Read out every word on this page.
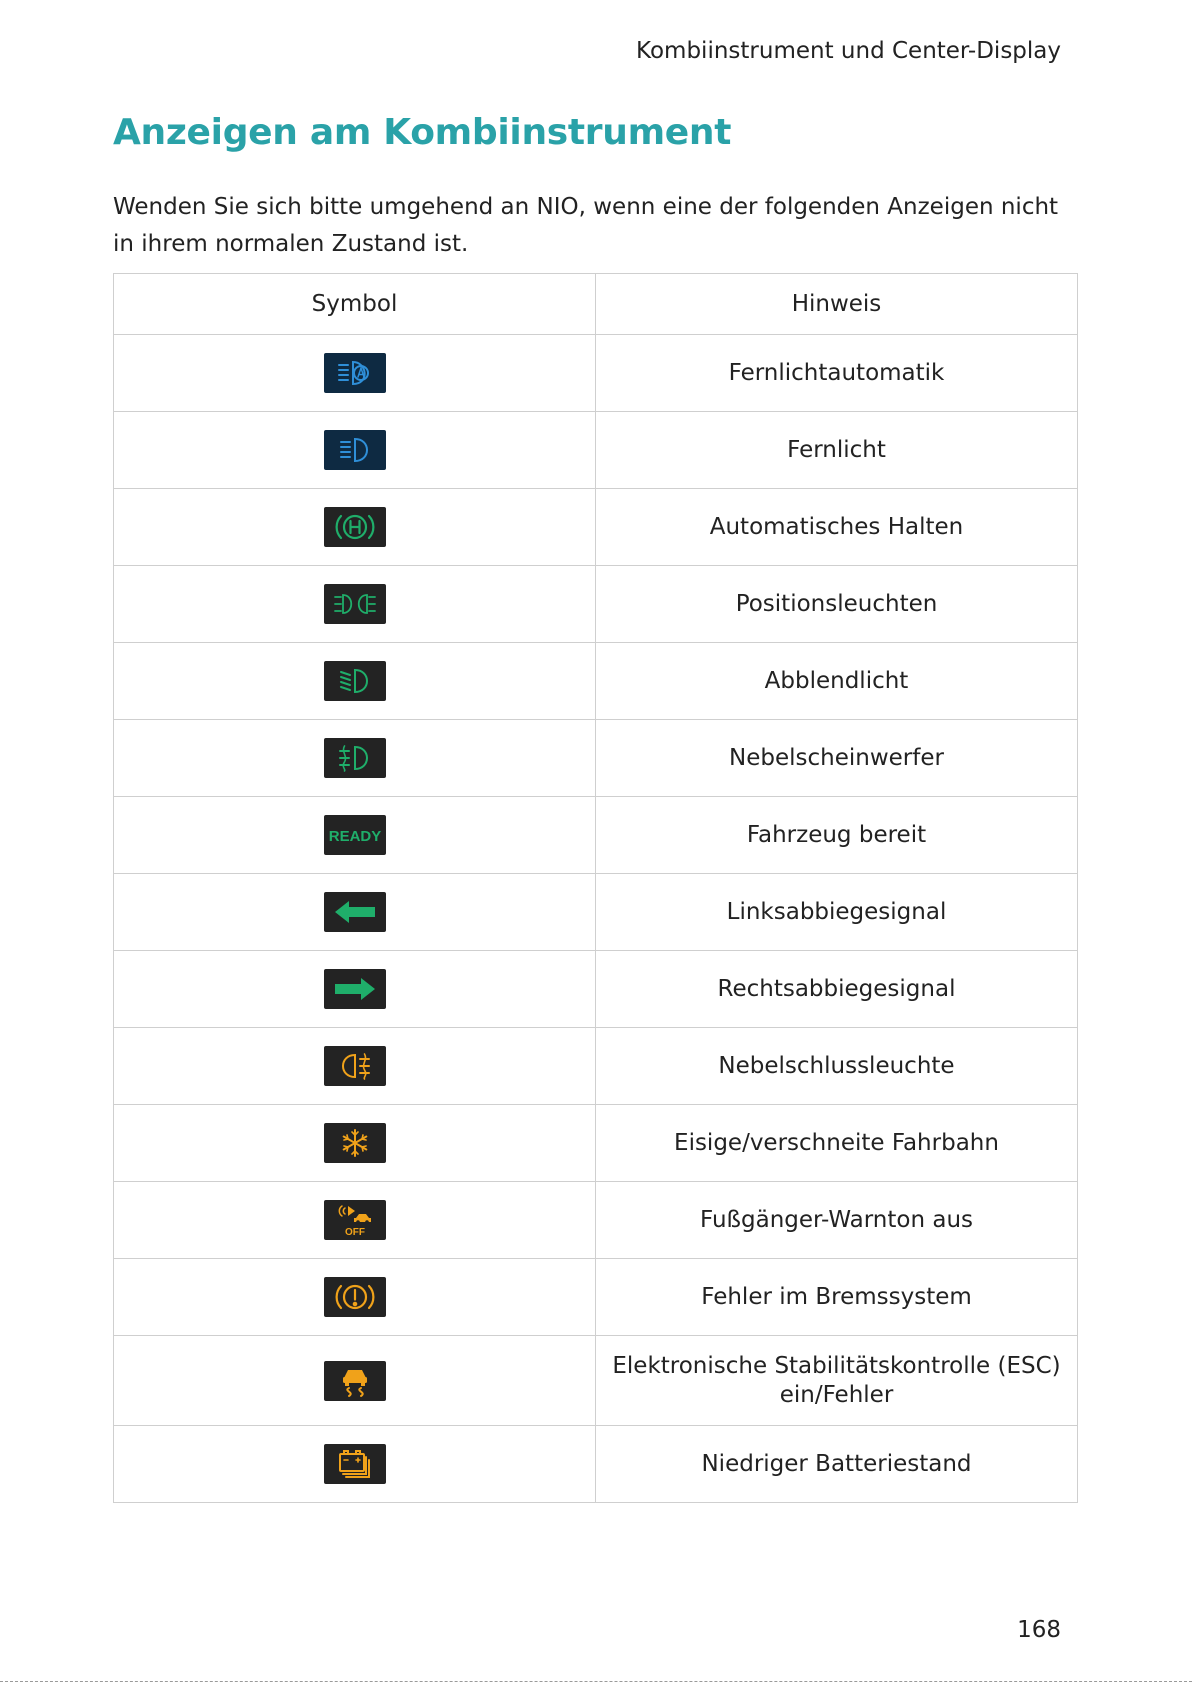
Kombiinstrument und Center-Display
Anzeigen am Kombiinstrument

Wenden Sie sich bitte umgehend an NIO, wenn eine der folgenden Anzeigen nicht in ihrem normalen Zustand ist.

Symbol	Hinweis

	Fernlichtautomatik

	Fernlicht

	Automatisches Halten

	Positionsleuchten

	Abblendlicht

	Nebelscheinwerfer

READY	Fahrzeug bereit

	Linksabbiegesignal

	Rechtsabbiegesignal

	Nebelschlussleuchte

	Eisige/verschneite Fahrbahn

OFF	Fußgänger-Warnton aus

	Fehler im Bremssystem

	Elektronische Stabilitätskontrolle (ESC) ein/Fehler

	Niedriger Batteriestand
168
